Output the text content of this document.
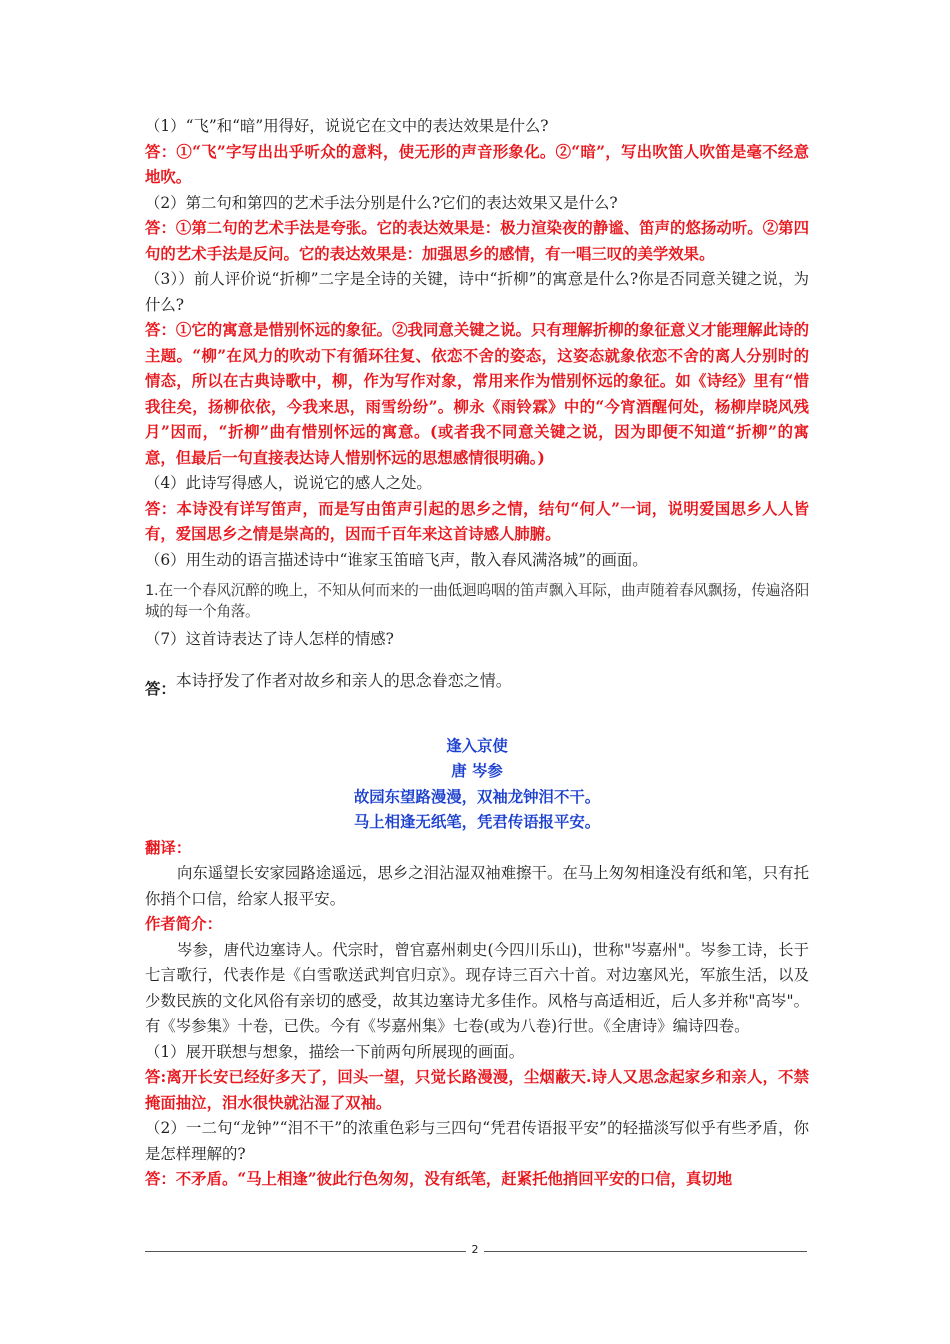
（1）“飞”和“暗”用得好，说说它在文中的表达效果是什么?

答：①“飞”字写出出乎听众的意料，使无形的声音形象化。②“暗”，写出吹笛人吹笛是毫不经意地吹。

（2）第二句和第四的艺术手法分别是什么?它们的表达效果又是什么?

答：①第二句的艺术手法是夸张。它的表达效果是：极力渲染夜的静谧、笛声的悠扬动听。②第四句的艺术手法是反问。它的表达效果是：加强思乡的感情，有一唱三叹的美学效果。

（3））前人评价说“折柳”二字是全诗的关键，诗中“折柳”的寓意是什么?你是否同意关键之说，为什么?

答：①它的寓意是惜别怀远的象征。②我同意关键之说。只有理解折柳的象征意义才能理解此诗的主题。“柳”在风力的吹动下有循环往复、依恋不舍的姿态，这姿态就象依恋不舍的离人分别时的情态，所以在古典诗歌中，柳，作为写作对象，常用来作为惜别怀远的象征。如《诗经》里有“惜我往矣，扬柳依依，今我来思，雨雪纷纷”。柳永《雨铃霖》中的“今宵酒醒何处，杨柳岸晓风残月”因而，“折柳”曲有惜别怀远的寓意。(或者我不同意关键之说，因为即便不知道“折柳”的寓意，但最后一句直接表达诗人惜别怀远的思想感情很明确。)

（4）此诗写得感人，说说它的感人之处。

答：本诗没有详写笛声，而是写由笛声引起的思乡之情，结句“何人”一词，说明爱国思乡人人皆有，爱国思乡之情是崇高的，因而千百年来这首诗感人肺腑。

（6）用生动的语言描述诗中“谁家玉笛暗飞声，散入春风满洛城”的画面。

1.在一个春风沉醉的晚上，不知从何而来的一曲低迴呜咽的笛声飘入耳际，曲声随着春风飘扬，传遍洛阳城的每一个角落。

（7）这首诗表达了诗人怎样的情感?

答：本诗抒发了作者对故乡和亲人的思念眷恋之情。

逢入京使

唐 岑参

故园东望路漫漫，双袖龙钟泪不干。

马上相逢无纸笔，凭君传语报平安。

翻译：

向东遥望长安家园路途遥远，思乡之泪沾湿双袖难擦干。在马上匆匆相逢没有纸和笔，只有托你捎个口信，给家人报平安。

作者简介：

岑参，唐代边塞诗人。代宗时，曾官嘉州刺史(今四川乐山)，世称"岑嘉州"。岑参工诗，长于七言歌行，代表作是《白雪歌送武判官归京》。现存诗三百六十首。对边塞风光，军旅生活，以及少数民族的文化风俗有亲切的感受，故其边塞诗尤多佳作。风格与高适相近，后人多并称"高岑"。有《岑参集》十卷，已佚。今有《岑嘉州集》七卷(或为八卷)行世。《全唐诗》编诗四卷。

（1）展开联想与想象，描绘一下前两句所展现的画面。

答:离开长安已经好多天了，回头一望，只觉长路漫漫，尘烟蔽天.诗人又思念起家乡和亲人，不禁掩面抽泣，泪水很快就沾湿了双袖。

（2）一二句“龙钟”“泪不干”的浓重色彩与三四句“凭君传语报平安”的轻描淡写似乎有些矛盾，你是怎样理解的?

答：不矛盾。“马上相逢”彼此行色匆匆，没有纸笔，赶紧托他捎回平安的口信，真切地

2
